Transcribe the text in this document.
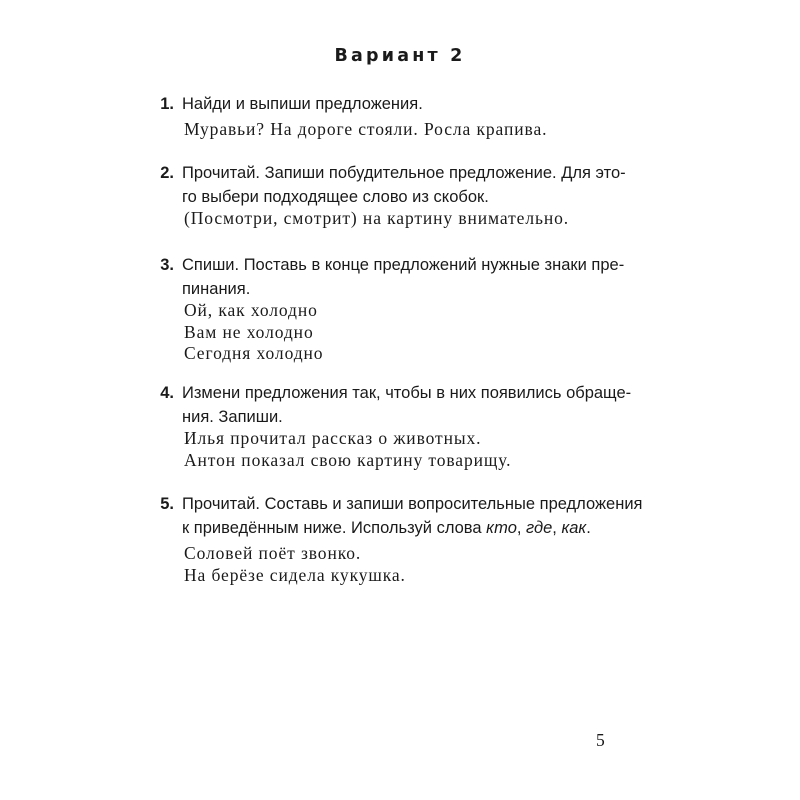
Вариант 2
1. Найди и выпиши предложения.
Муравьи? На дороге стояли. Росла крапива.
2. Прочитай. Запиши побудительное предложение. Для это-
го выбери подходящее слово из скобок.
(Посмотри, смотрит) на картину внимательно.
3. Спиши. Поставь в конце предложений нужные знаки пре-
пинания.
Ой, как холодно
Вам не холодно
Сегодня холодно
4. Измени предложения так, чтобы в них появились обраще-
ния. Запиши.
Илья прочитал рассказ о животных.
Антон показал свою картину товарищу.
5. Прочитай. Составь и запиши вопросительные предложения
к приведённым ниже. Используй слова кто, где, как.
Соловей поёт звонко.
На берёзе сидела кукушка.
5
